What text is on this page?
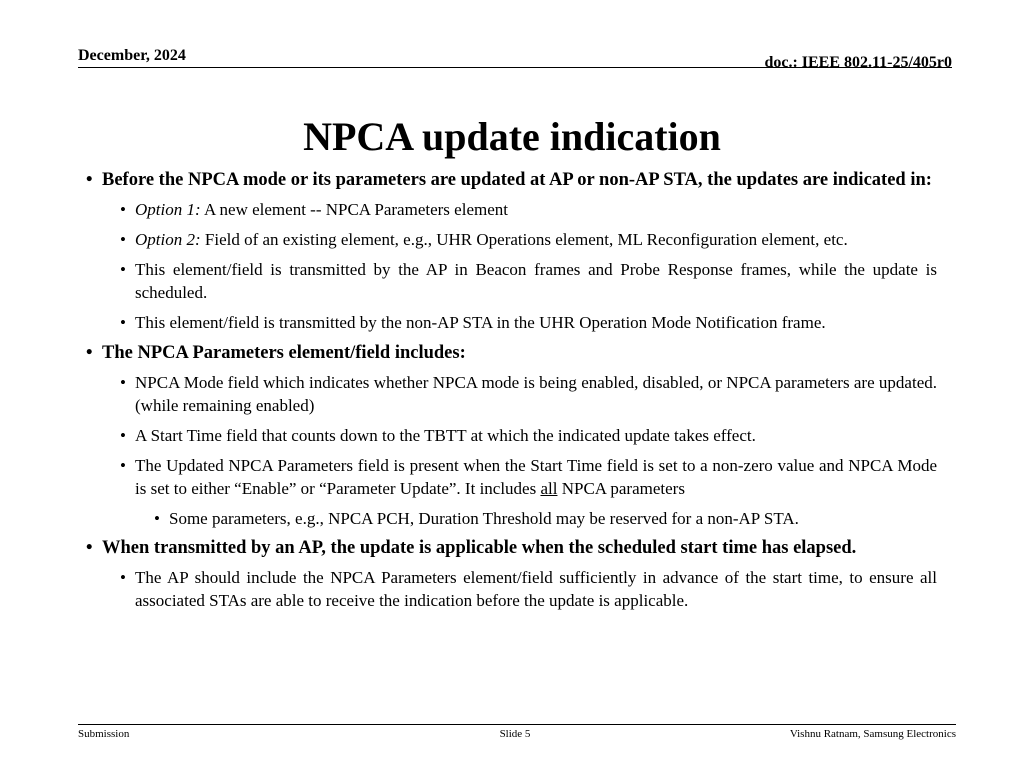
December, 2024	doc.: IEEE 802.11-25/405r0
NPCA update indication
• Before the NPCA mode or its parameters are updated at AP or non-AP STA, the updates are indicated in:
• Option 1: A new element -- NPCA Parameters element
• Option 2: Field of an existing element, e.g., UHR Operations element, ML Reconfiguration element, etc.
• This element/field is transmitted by the AP in Beacon frames and Probe Response frames, while the update is scheduled.
• This element/field is transmitted by the non-AP STA in the UHR Operation Mode Notification frame.
• The NPCA Parameters element/field includes:
• NPCA Mode field which indicates whether NPCA mode is being enabled, disabled, or NPCA parameters are updated. (while remaining enabled)
• A Start Time field that counts down to the TBTT at which the indicated update takes effect.
• The Updated NPCA Parameters field is present when the Start Time field is set to a non-zero value and NPCA Mode is set to either “Enable” or “Parameter Update”. It includes all NPCA parameters
• Some parameters, e.g., NPCA PCH, Duration Threshold may be reserved for a non-AP STA.
• When transmitted by an AP, the update is applicable when the scheduled start time has elapsed.
• The AP should include the NPCA Parameters element/field sufficiently in advance of the start time, to ensure all associated STAs are able to receive the indication before the update is applicable.
Submission	Slide 5	Vishnu Ratnam, Samsung Electronics
